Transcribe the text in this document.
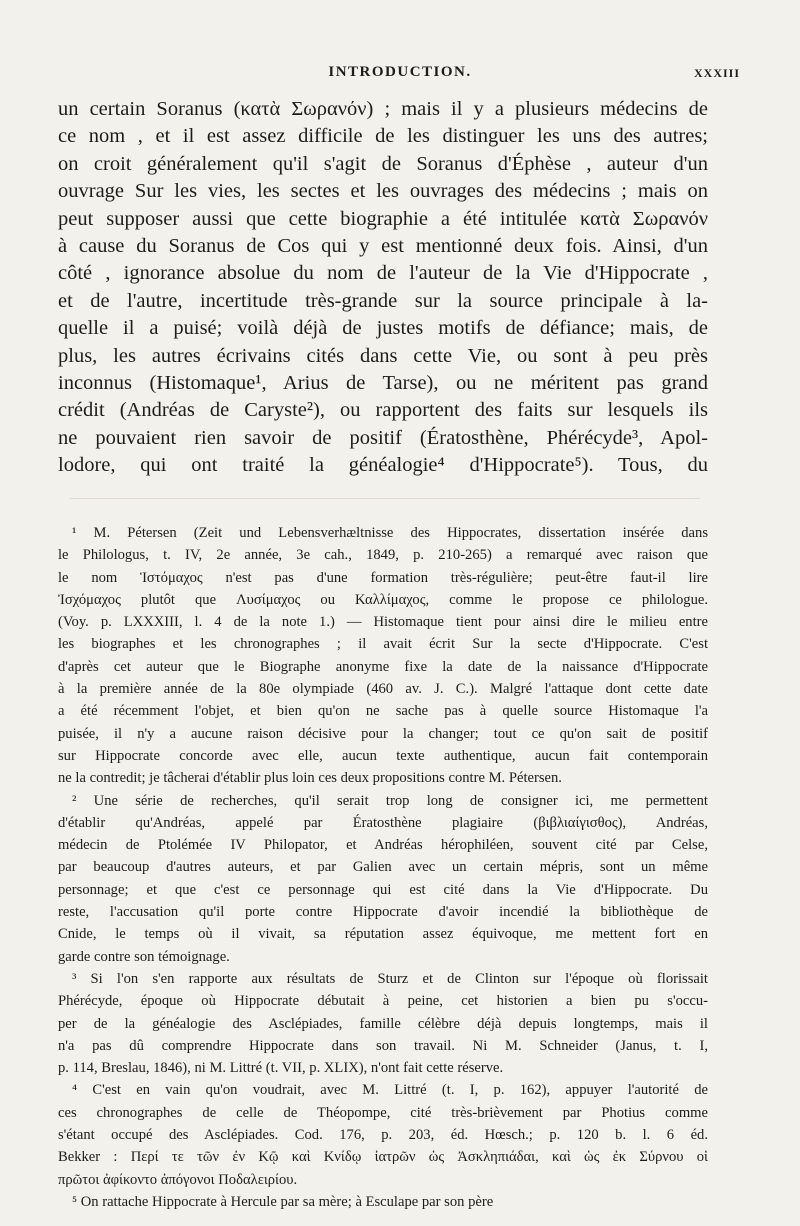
INTRODUCTION.	XXXIII
un certain Soranus (κατὰ Σωρανόν) ; mais il y a plusieurs médecins de
ce nom , et il est assez difficile de les distinguer les uns des autres;
on croit généralement qu'il s'agit de Soranus d'Éphèse , auteur d'un
ouvrage Sur les vies, les sectes et les ouvrages des médecins ; mais on
peut supposer aussi que cette biographie a été intitulée κατὰ Σωρανόν
à cause du Soranus de Cos qui y est mentionné deux fois. Ainsi, d'un
côté , ignorance absolue du nom de l'auteur de la Vie d'Hippocrate ,
et de l'autre, incertitude très-grande sur la source principale à la-
quelle il a puisé; voilà déjà de justes motifs de défiance; mais, de
plus, les autres écrivains cités dans cette Vie, ou sont à peu près
inconnus (Histomaque¹, Arius de Tarse), ou ne méritent pas grand
crédit (Andréas de Caryste²), ou rapportent des faits sur lesquels ils
ne pouvaient rien savoir de positif (Ératosthène, Phérécyde³, Apol-
lodore, qui ont traité la généalogie⁴ d'Hippocrate⁵). Tous, du
¹ M. Pétersen (Zeit und Lebensverhæltnisse des Hippocrates, dissertation insérée dans
le Philologus, t. IV, 2e année, 3e cah., 1849, p. 210-265) a remarqué avec raison que
le nom Ἱστόμαχος n'est pas d'une formation très-régulière; peut-être faut-il lire
Ἰσχόμαχος plutôt que Λυσίμαχος ou Καλλίμαχος, comme le propose ce philologue.
(Voy. p. LXXXIII, l. 4 de la note 1.) — Histomaque tient pour ainsi dire le milieu entre
les biographes et les chronographes ; il avait écrit Sur la secte d'Hippocrate. C'est
d'après cet auteur que le Biographe anonyme fixe la date de la naissance d'Hippocrate
à la première année de la 80e olympiade (460 av. J. C.). Malgré l'attaque dont cette date
a été récemment l'objet, et bien qu'on ne sache pas à quelle source Histomaque l'a
puisée, il n'y a aucune raison décisive pour la changer; tout ce qu'on sait de positif
sur Hippocrate concorde avec elle, aucun texte authentique, aucun fait contemporain
ne la contredit; je tâcherai d'établir plus loin ces deux propositions contre M. Pétersen.
² Une série de recherches, qu'il serait trop long de consigner ici, me permettent
d'établir qu'Andréas, appelé par Ératosthène plagiaire (βιβλιαίγισθος), Andréas,
médecin de Ptolémée IV Philopator, et Andréas hérophiléen, souvent cité par Celse,
par beaucoup d'autres auteurs, et par Galien avec un certain mépris, sont un même
personnage; et que c'est ce personnage qui est cité dans la Vie d'Hippocrate. Du
reste, l'accusation qu'il porte contre Hippocrate d'avoir incendié la bibliothèque de
Cnide, le temps où il vivait, sa réputation assez équivoque, me mettent fort en
garde contre son témoignage.
³ Si l'on s'en rapporte aux résultats de Sturz et de Clinton sur l'époque où florissait
Phérécyde, époque où Hippocrate débutait à peine, cet historien a bien pu s'occu-
per de la généalogie des Asclépiades, famille célèbre déjà depuis longtemps, mais il
n'a pas dû comprendre Hippocrate dans son travail. Ni M. Schneider (Janus, t. I,
p. 114, Breslau, 1846), ni M. Littré (t. VII, p. XLIX), n'ont fait cette réserve.
⁴ C'est en vain qu'on voudrait, avec M. Littré (t. I, p. 162), appuyer l'autorité de
ces chronographes de celle de Théopompe, cité très-brièvement par Photius comme
s'étant occupé des Asclépiades. Cod. 176, p. 203, éd. Hœsch.; p. 120 b. l. 6 éd.
Bekker : Περί τε τῶν ἐν Κῷ καὶ Κνίδῳ ἰατρῶν ὡς Ἀσκληπιάδαι, καὶ ὡς ἐκ Σύρνου οἱ
πρῶτοι ἀφίκοντο ἀπόγονοι Ποδαλειρίου.
⁵ On rattache Hippocrate à Hercule par sa mère; à Esculape par son père
